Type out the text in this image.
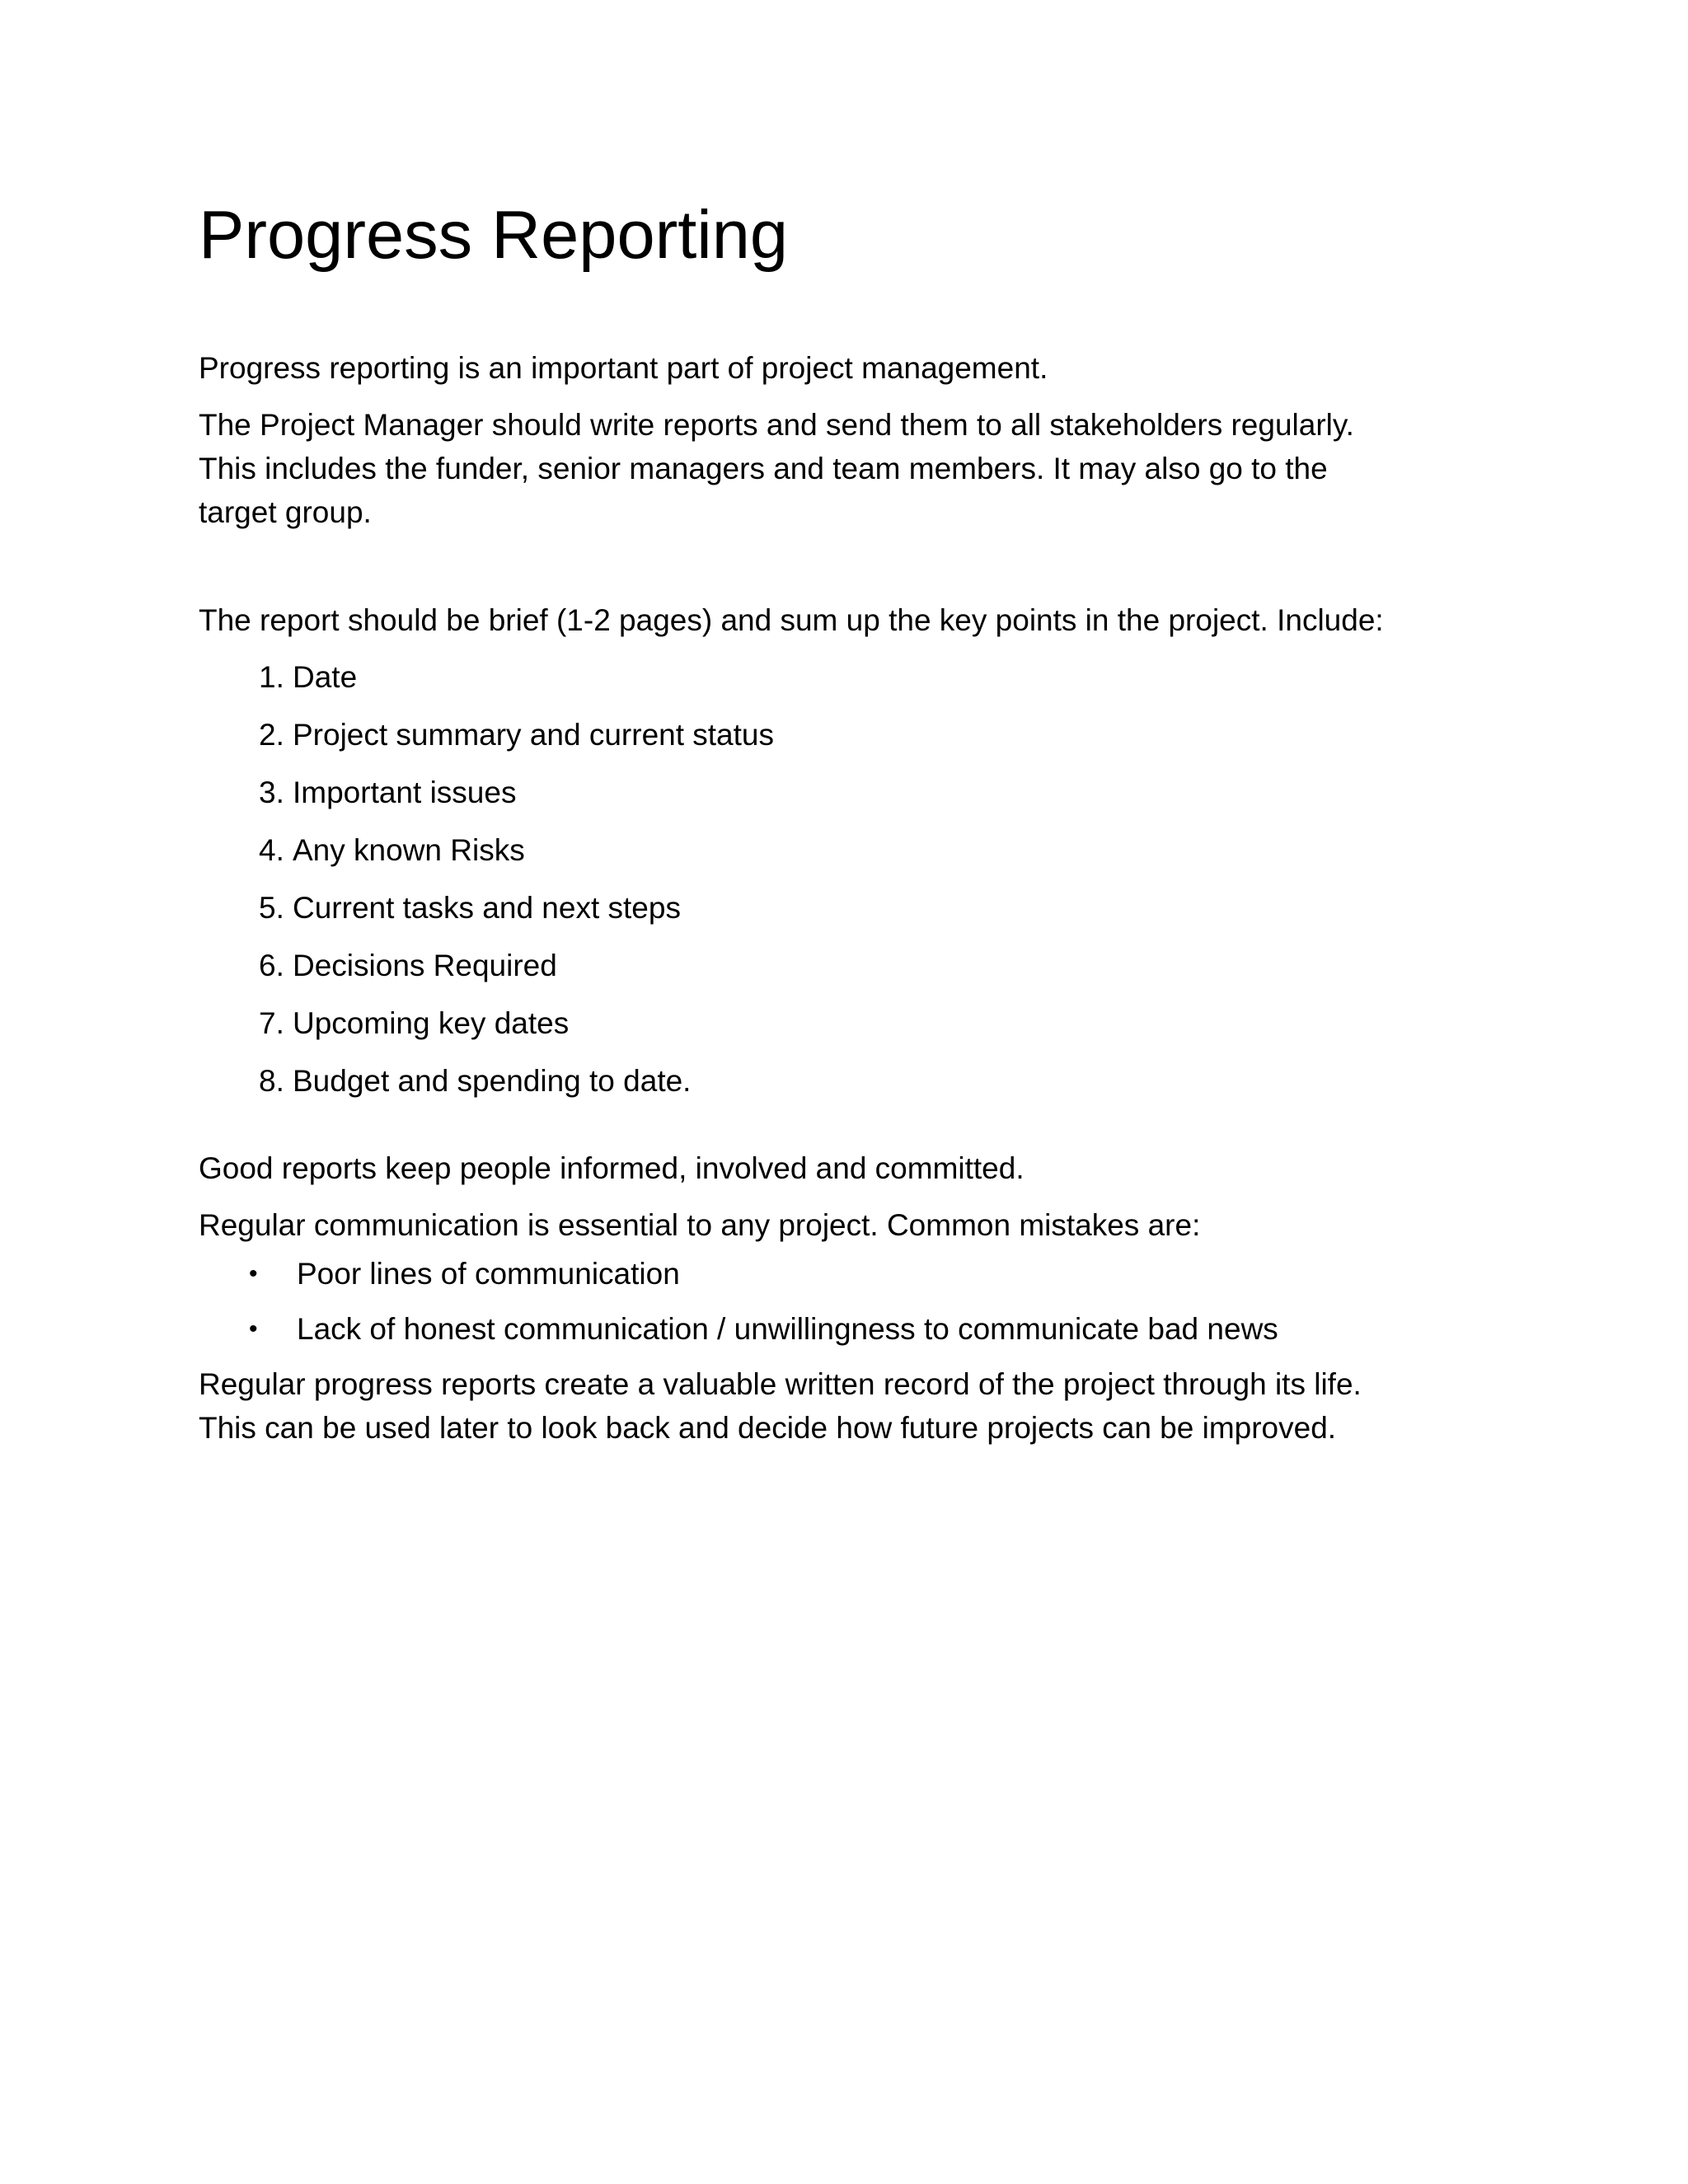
Progress Reporting

Progress reporting is an important part of project management.

The Project Manager should write reports and send them to all stakeholders regularly.

This includes the funder, senior managers and team members. It may also go to the

target group.

The report should be brief (1-2 pages) and sum up the key points in the project. Include:

1. Date
2. Project summary and current status
3. Important issues
4. Any known Risks
5. Current tasks and next steps
6. Decisions Required
7. Upcoming key dates
8. Budget and spending to date.

Good reports keep people informed, involved and committed.

Regular communication is essential to any project. Common mistakes are:

• Poor lines of communication
• Lack of honest communication / unwillingness to communicate bad news

Regular progress reports create a valuable written record of the project through its life.

This can be used later to look back and decide how future projects can be improved.
